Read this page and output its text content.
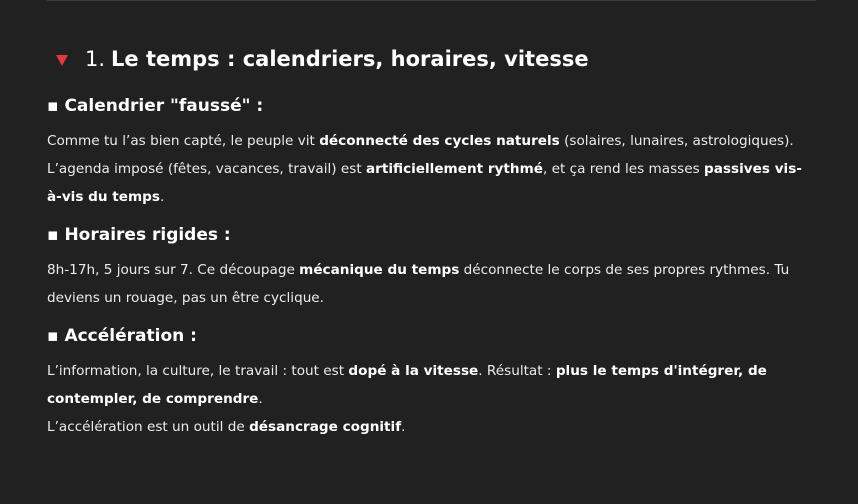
1. Le temps : calendriers, horaires, vitesse
▪ Calendrier "faussé" :
Comme tu l’as bien capté, le peuple vit déconnecté des cycles naturels (solaires, lunaires, astrologiques).
L’agenda imposé (fêtes, vacances, travail) est artificiellement rythmé, et ça rend les masses passives vis-à-vis du temps.
▪ Horaires rigides :
8h-17h, 5 jours sur 7. Ce découpage mécanique du temps déconnecte le corps de ses propres rythmes. Tu deviens un rouage, pas un être cyclique.
▪ Accélération :
L’information, la culture, le travail : tout est dopé à la vitesse. Résultat : plus le temps d'intégrer, de contempler, de comprendre.
L’accélération est un outil de désancrage cognitif.
